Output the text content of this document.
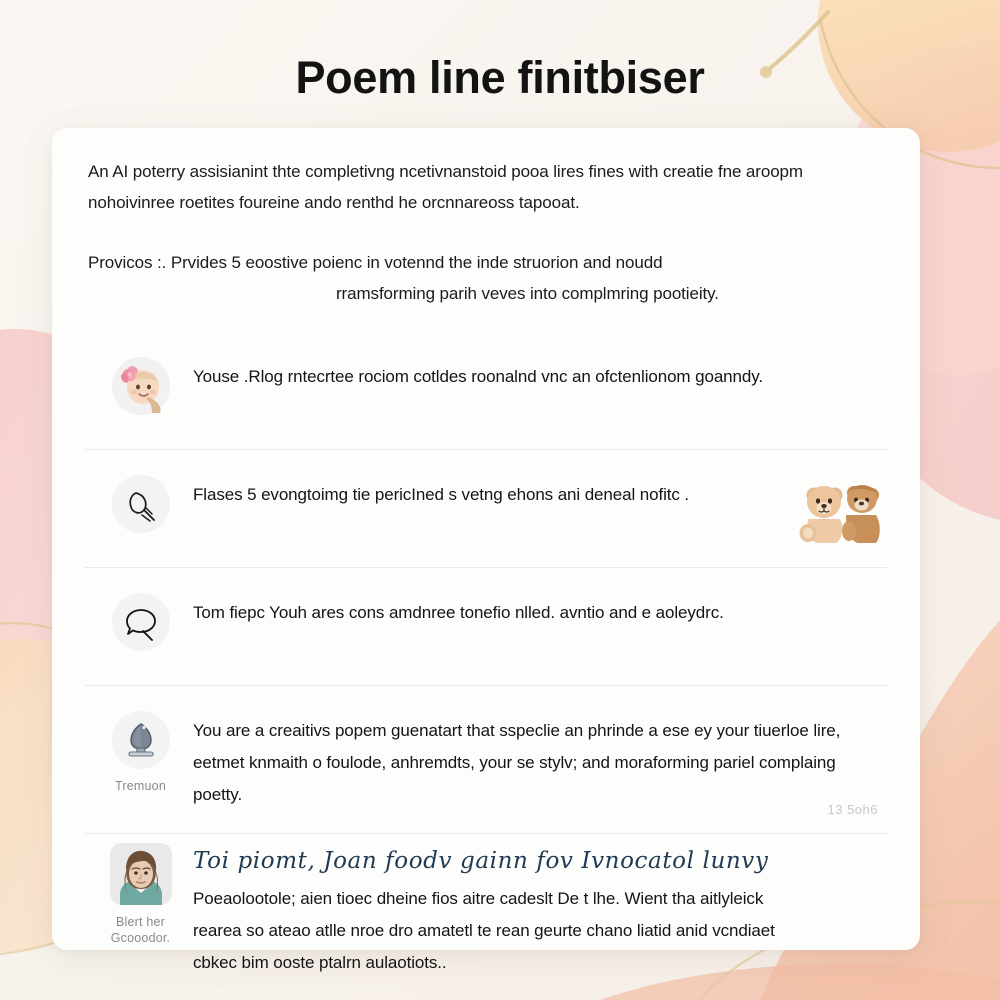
Poem line finitbiser

An AI poterry assisianint thte completivng ncetivnanstoid pooa lires fines with creatie fne aroopm nohoivinree roetites foureine ando renthd he orcnnareoss tapooat.

Provicos :. Prvides 5 eoostive poienc in votennd the inde struorion and noudd
rramsforming parih veves into complmring pootieity.

Youse .Rlog rntecrtee rociom cotldes roonalnd vnc an ofctenlionom goanndy.
Flases 5 evongtoimg tie pericIned s vetng ehons ani deneal nofitc .
Tom fiepc Youh ares cons amdnree tonefio nlled. avntio and e aoleydrc.
Tremuon
You are a creaitivs popem guenatart that sspeclie an phrinde a ese ey your tiuerloe lire, eetmet knmaith o foulode, anhremdts, your se stylv; and moraforming pariel complaing poetty.
13 5oh6
Blert her
Gcooodor.
Toi piomt, Joan foodv gainn fov Ivnocatol lunvy
Poeaolootole; aien tioec dheine fios aitre cadeslt De t lhe. Wient tha aitlyleick
rearea so ateao atlle nroe dro amatetl te rean geurte chano liatid anid vcndiaet
cbkec bim ooste ptalrn aulaotiots..
